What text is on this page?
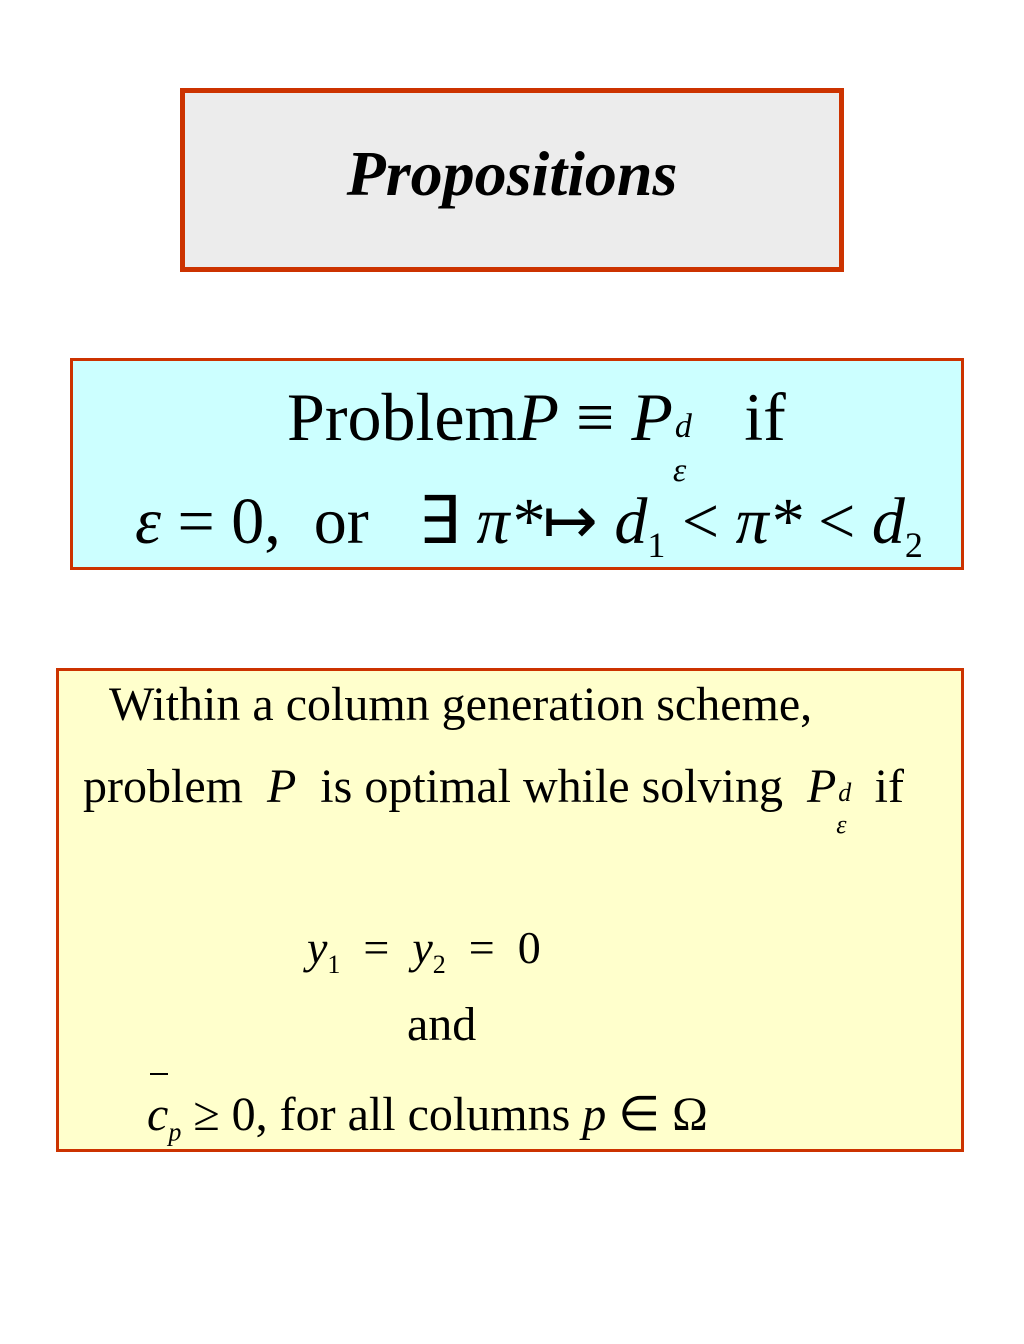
Propositions
ProblemP ≡ P d
ε
if
ε = 0, or ∃ π*↦ $d_1 < \pi* < d_2$
Within a column generation scheme,
problem P is optimal while solving P d
ε
if
$y_1 = y_2 = 0$
and
$c_p \ge 0$, for all columns p ∈ Ω
